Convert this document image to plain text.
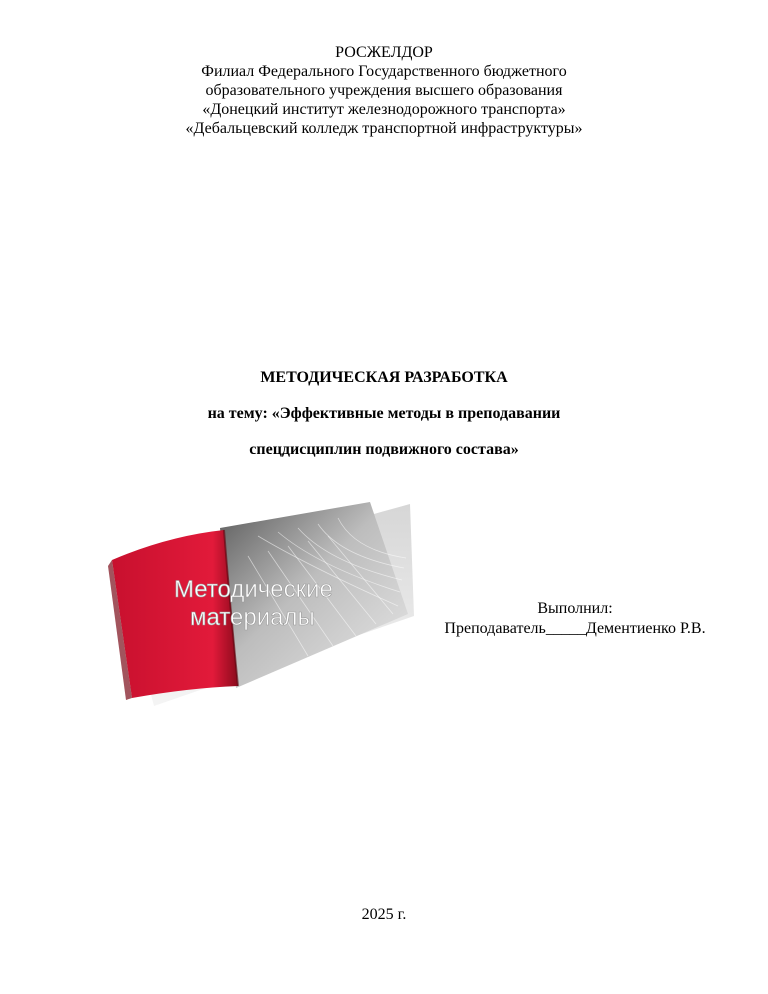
РОСЖЕЛДОР
Филиал Федерального Государственного бюджетного
образовательного учреждения высшего образования
«Донецкий институт железнодорожного транспорта»
«Дебальцевский колледж транспортной инфраструктуры»
МЕТОДИЧЕСКАЯ РАЗРАБОТКА
на тему: «Эффективные методы в преподавании
спецдисциплин подвижного состава»
Методические
материалы	Выполнил:
Преподаватель_____Дементиенко Р.В.
2025 г.
